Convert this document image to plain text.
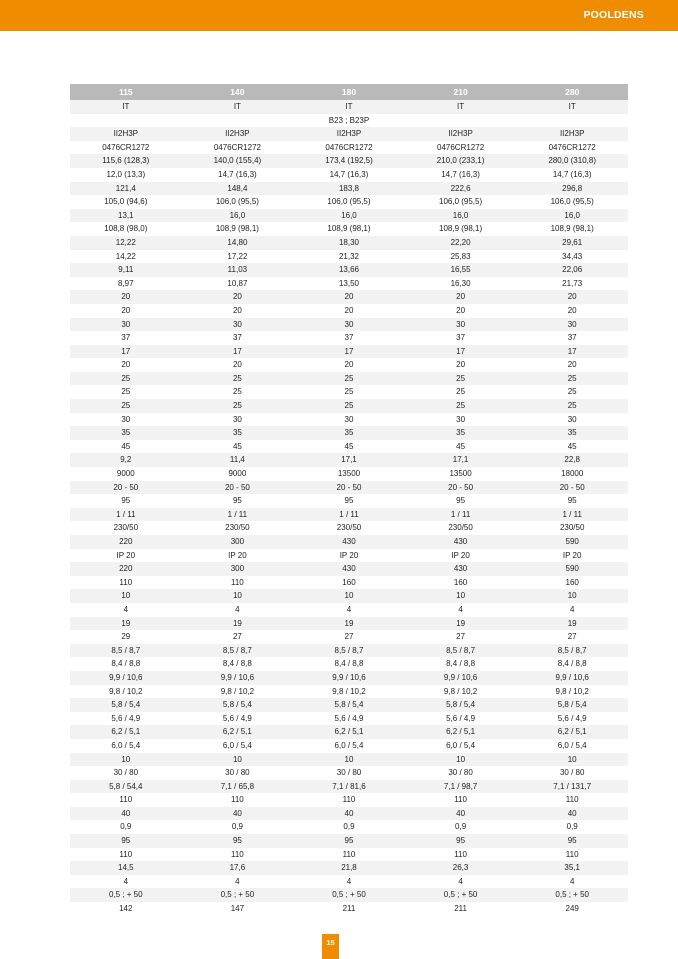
POOLDENS
115	140	180	210	280
IT	IT	IT	IT	IT
		B23 ; B23P		
II2H3P	II2H3P	II2H3P	II2H3P	II2H3P
0476CR1272	0476CR1272	0476CR1272	0476CR1272	0476CR1272
115,6 (128,3)	140,0 (155,4)	173,4 (192,5)	210,0 (233,1)	280,0 (310,8)
12,0 (13,3)	14,7 (16,3)	14,7 (16,3)	14,7 (16,3)	14,7 (16,3)
121,4	148,4	183,8	222,6	296,8
105,0 (94,6)	106,0 (95,5)	106,0 (95,5)	106,0 (95,5)	106,0 (95,5)
13,1	16,0	16,0	16,0	16,0
108,8 (98,0)	108,9 (98,1)	108,9 (98,1)	108,9 (98,1)	108,9 (98,1)
12,22	14,80	18,30	22,20	29,61
14,22	17,22	21,32	25,83	34,43
9,11	11,03	13,66	16,55	22,06
8,97	10,87	13,50	16,30	21,73
20	20	20	20	20
20	20	20	20	20
30	30	30	30	30
37	37	37	37	37
17	17	17	17	17
20	20	20	20	20
25	25	25	25	25
25	25	25	25	25
25	25	25	25	25
30	30	30	30	30
35	35	35	35	35
45	45	45	45	45
9,2	11,4	17,1	17,1	22,8
9000	9000	13500	13500	18000
20 - 50	20 - 50	20 - 50	20 - 50	20 - 50
95	95	95	95	95
1 / 11	1 / 11	1 / 11	1 / 11	1 / 11
230/50	230/50	230/50	230/50	230/50
220	300	430	430	590
IP 20	IP 20	IP 20	IP 20	IP 20
220	300	430	430	590
110	110	160	160	160
10	10	10	10	10
4	4	4	4	4
19	19	19	19	19
29	27	27	27	27
8,5 / 8,7	8,5 / 8,7	8,5 / 8,7	8,5 / 8,7	8,5 / 8,7
8,4 / 8,8	8,4 / 8,8	8,4 / 8,8	8,4 / 8,8	8,4 / 8,8
9,9 / 10,6	9,9 / 10,6	9,9 / 10,6	9,9 / 10,6	9,9 / 10,6
9,8 / 10,2	9,8 / 10,2	9,8 / 10,2	9,8 / 10,2	9,8 / 10,2
5,8 / 5,4	5,8 / 5,4	5,8 / 5,4	5,8 / 5,4	5,8 / 5,4
5,6 / 4,9	5,6 / 4,9	5,6 / 4,9	5,6 / 4,9	5,6 / 4,9
6,2 / 5,1	6,2 / 5,1	6,2 / 5,1	6,2 / 5,1	6,2 / 5,1
6,0 / 5,4	6,0 / 5,4	6,0 / 5,4	6,0 / 5,4	6,0 / 5,4
10	10	10	10	10
30 / 80	30 / 80	30 / 80	30 / 80	30 / 80
5,8 / 54,4	7,1 / 65,8	7,1 / 81,6	7,1 / 98,7	7,1 / 131,7
110	110	110	110	110
40	40	40	40	40
0,9	0,9	0,9	0,9	0,9
95	95	95	95	95
110	110	110	110	110
14,5	17,6	21,8	26,3	35,1
4	4	4	4	4
0,5 ; + 50	0,5 ; + 50	0,5 ; + 50	0,5 ; + 50	0,5 ; + 50
142	147	211	211	249
15
